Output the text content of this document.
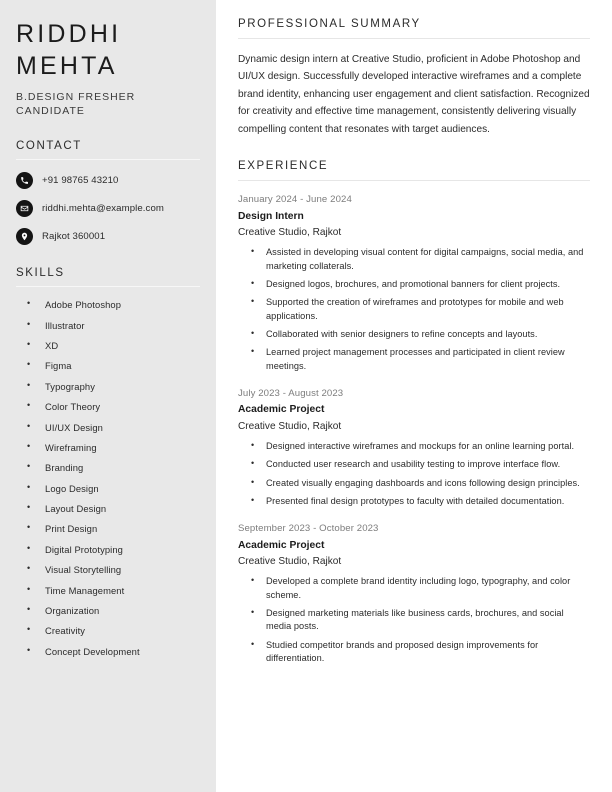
RIDDHI
MEHTA
B.DESIGN FRESHER CANDIDATE
CONTACT
+91 98765 43210
riddhi.mehta@example.com
Rajkot 360001
SKILLS
• Adobe Photoshop
• Illustrator
• XD
• Figma
• Typography
• Color Theory
• UI/UX Design
• Wireframing
• Branding
• Logo Design
• Layout Design
• Print Design
• Digital Prototyping
• Visual Storytelling
• Time Management
• Organization
• Creativity
• Concept Development
PROFESSIONAL SUMMARY

Dynamic design intern at Creative Studio, proficient in Adobe Photoshop and UI/UX design. Successfully developed interactive wireframes and a complete brand identity, enhancing user engagement and client satisfaction. Recognized for creativity and effective time management, consistently delivering visually compelling content that resonates with target audiences.

EXPERIENCE
January 2024 - June 2024
Design Intern
Creative Studio, Rajkot
• Assisted in developing visual content for digital campaigns, social media, and marketing collaterals.
• Designed logos, brochures, and promotional banners for client projects.
• Supported the creation of wireframes and prototypes for mobile and web applications.
• Collaborated with senior designers to refine concepts and layouts.
• Learned project management processes and participated in client review meetings.
July 2023 - August 2023
Academic Project
Creative Studio, Rajkot
• Designed interactive wireframes and mockups for an online learning portal.
• Conducted user research and usability testing to improve interface flow.
• Created visually engaging dashboards and icons following design principles.
• Presented final design prototypes to faculty with detailed documentation.
September 2023 - October 2023
Academic Project
Creative Studio, Rajkot
• Developed a complete brand identity including logo, typography, and color scheme.
• Designed marketing materials like business cards, brochures, and social media posts.
• Studied competitor brands and proposed design improvements for differentiation.
